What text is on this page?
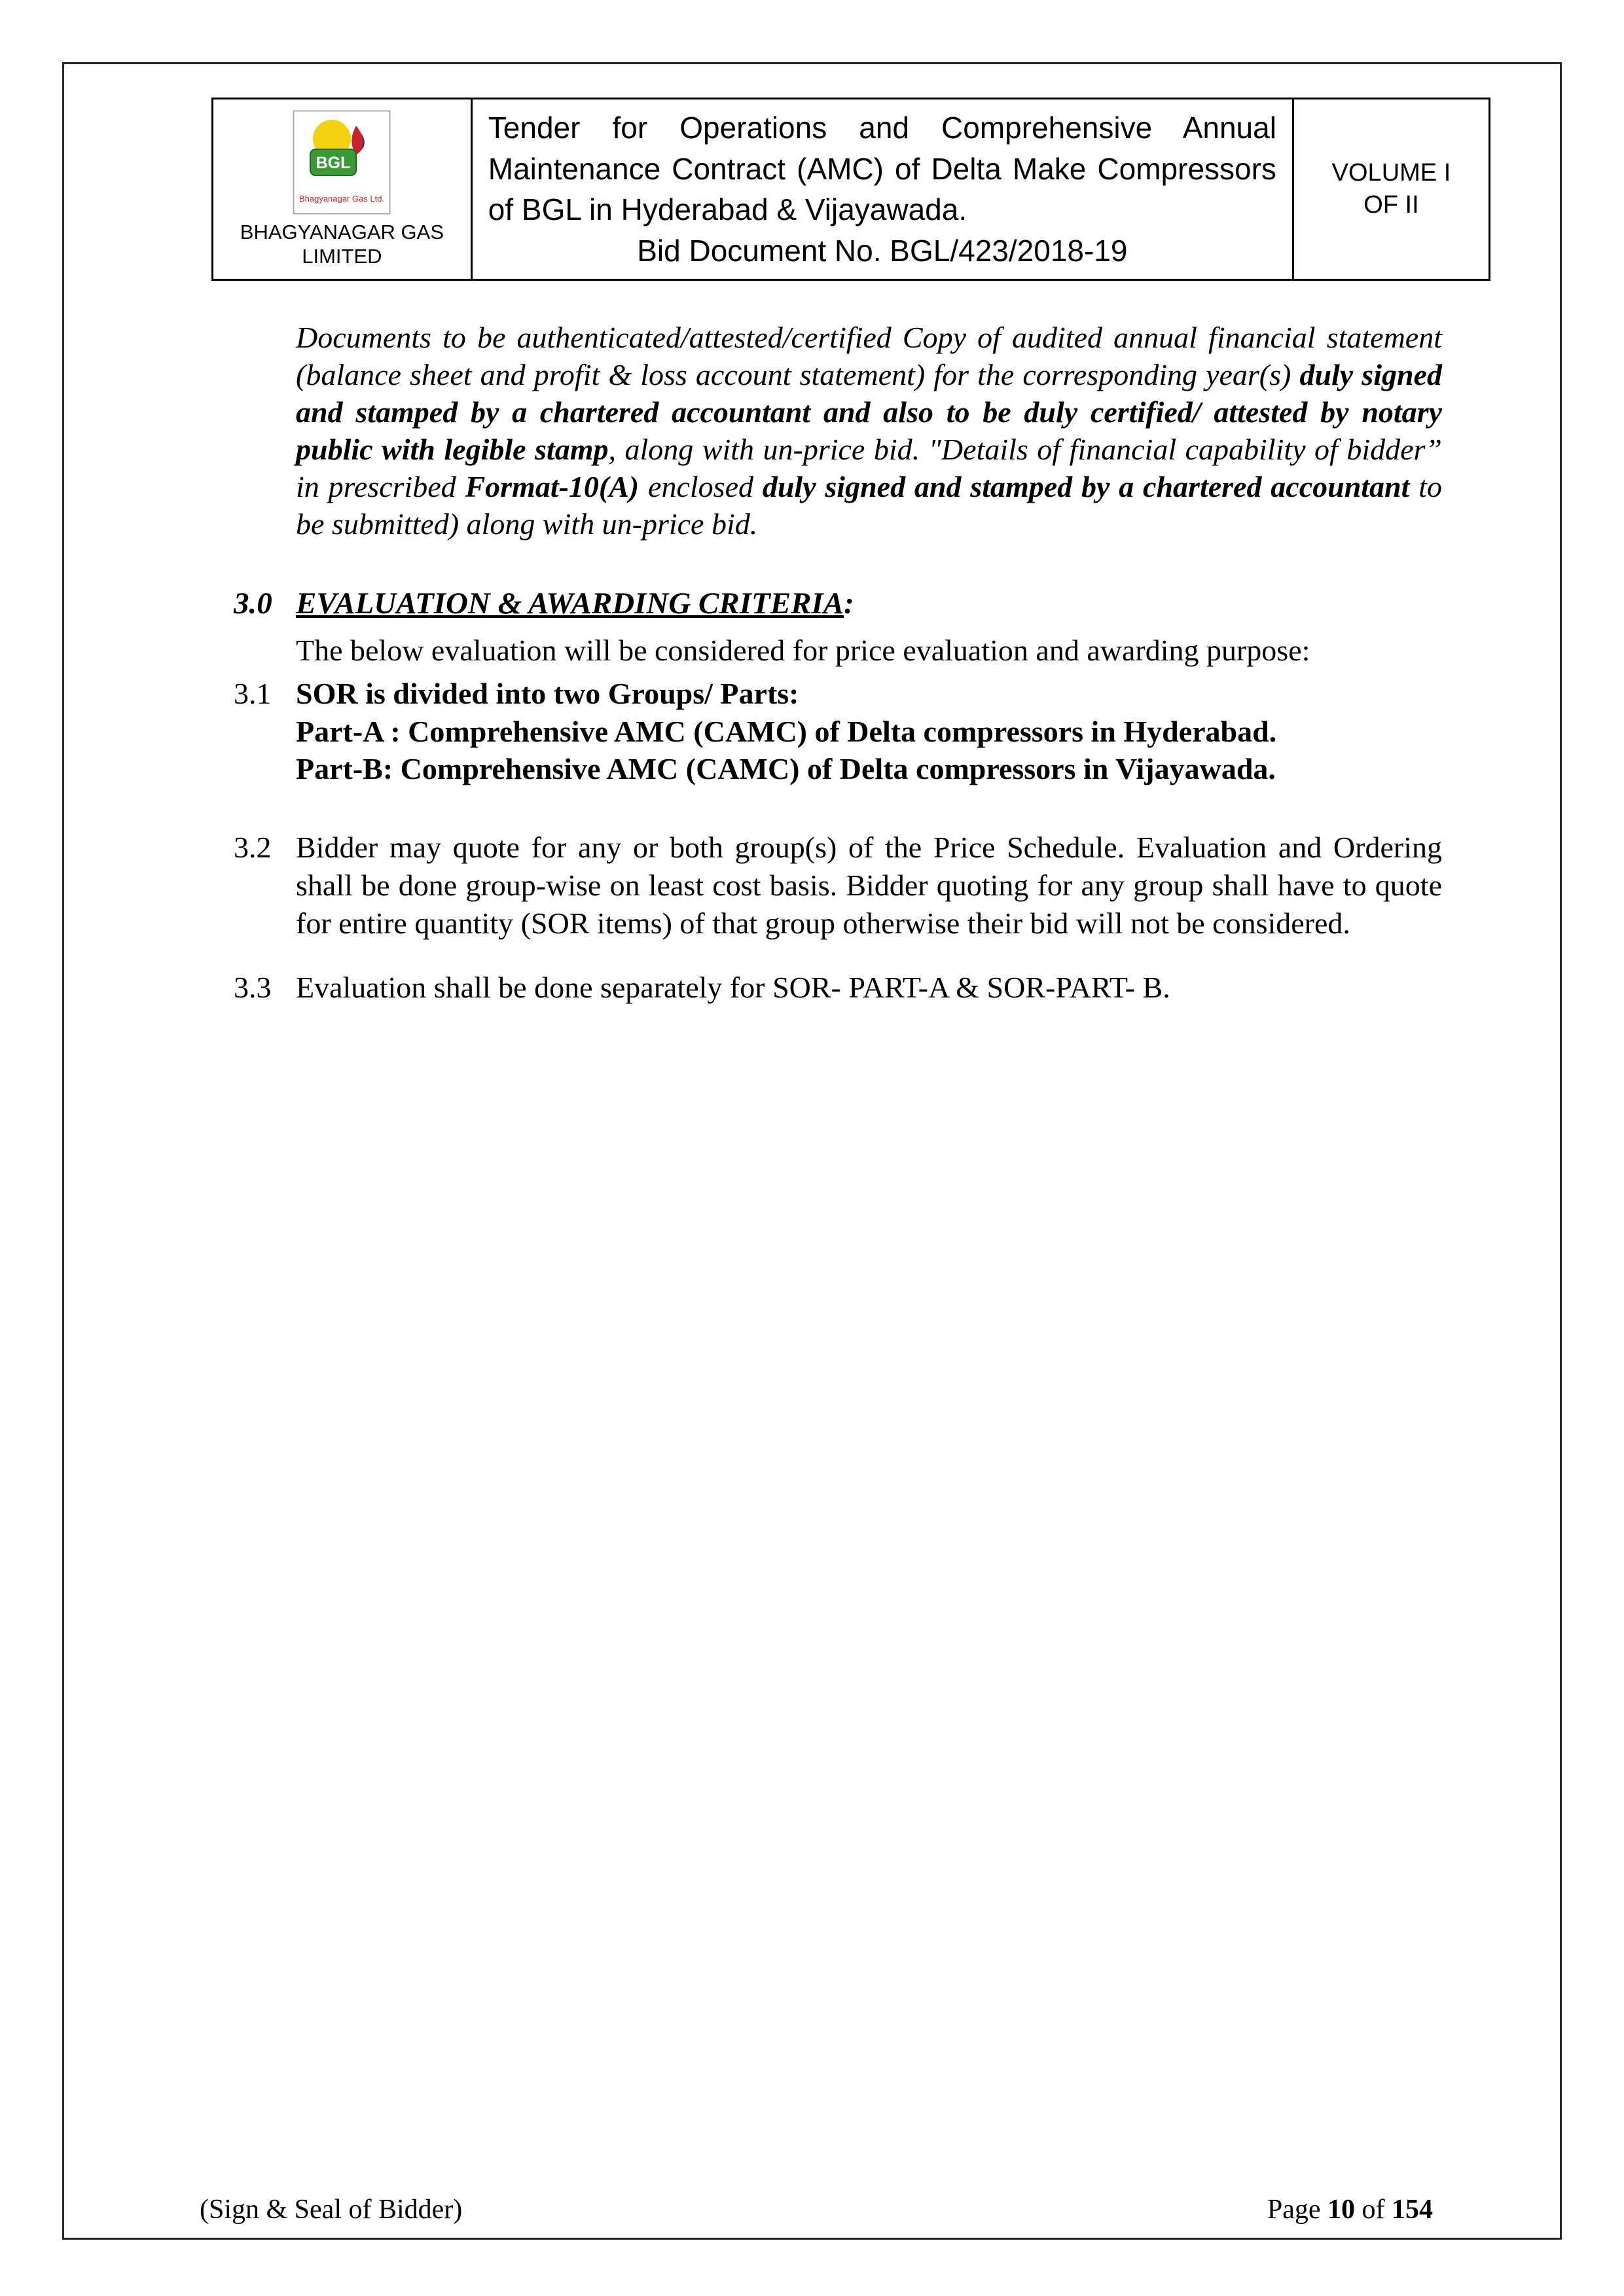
BGL
Bhagyanagar Gas Ltd.
BHAGYANAGAR GAS
LIMITED
Tender for Operations and Comprehensive Annual Maintenance Contract (AMC) of Delta Make Compressors of BGL in Hyderabad & Vijayawada.
Bid Document No. BGL/423/2018-19
VOLUME I
OF II
Documents to be authenticated/attested/certified Copy of audited annual financial statement (balance sheet and profit & loss account statement) for the corresponding year(s) duly signed and stamped by a chartered accountant and also to be duly certified/ attested by notary public with legible stamp, along with un-price bid. "Details of financial capability of bidder” in prescribed Format-10(A) enclosed duly signed and stamped by a chartered accountant to be submitted) along with un-price bid.
3.0 EVALUATION & AWARDING CRITERIA:
The below evaluation will be considered for price evaluation and awarding purpose:
3.1 SOR is divided into two Groups/ Parts:
Part-A : Comprehensive AMC (CAMC) of Delta compressors in Hyderabad.
Part-B: Comprehensive AMC (CAMC) of Delta compressors in Vijayawada.
3.2 Bidder may quote for any or both group(s) of the Price Schedule. Evaluation and Ordering shall be done group-wise on least cost basis. Bidder quoting for any group shall have to quote for entire quantity (SOR items) of that group otherwise their bid will not be considered.
3.3 Evaluation shall be done separately for SOR- PART-A & SOR-PART- B.
(Sign & Seal of Bidder)	Page 10 of 154
